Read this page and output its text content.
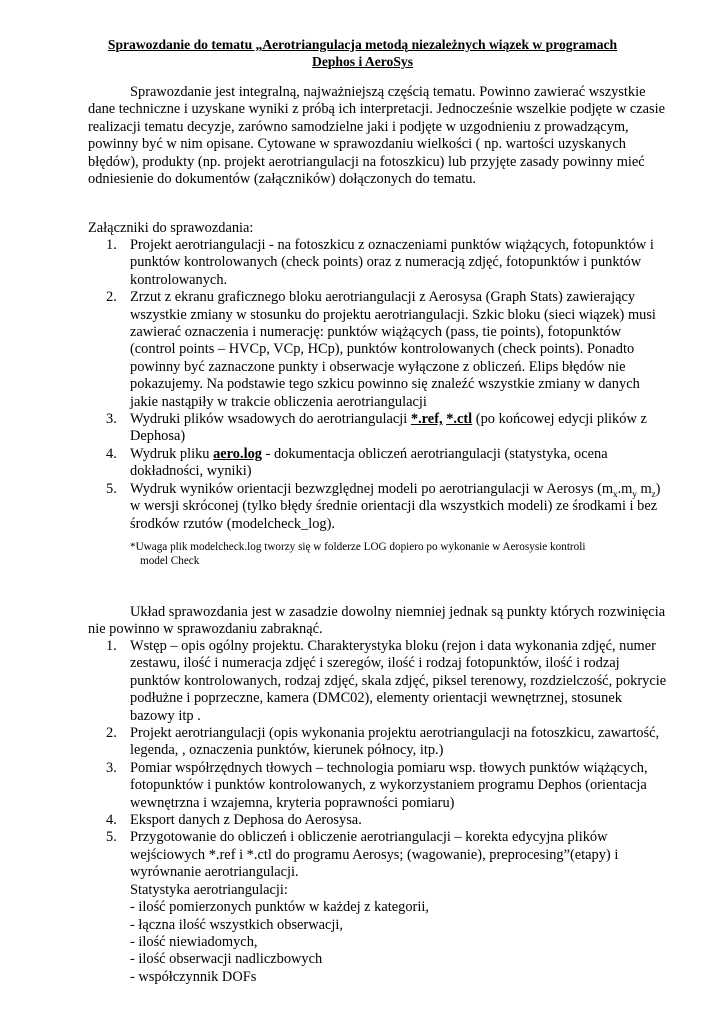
Sprawozdanie do tematu „Aerotriangulacja metodą niezależnych wiązek w programach
Dephos i AeroSys
Sprawozdanie jest integralną, najważniejszą częścią tematu. Powinno zawierać wszystkie dane techniczne i uzyskane wyniki z próbą ich interpretacji. Jednocześnie wszelkie podjęte w czasie realizacji tematu decyzje, zarówno samodzielne jaki i podjęte w uzgodnieniu z prowadzącym, powinny być w nim opisane. Cytowane w sprawozdaniu wielkości ( np. wartości uzyskanych błędów), produkty (np. projekt aerotriangulacji na fotoszkicu) lub przyjęte zasady powinny mieć odniesienie do dokumentów (załączników) dołączonych do tematu.
Załączniki do sprawozdania:
1. Projekt aerotriangulacji - na fotoszkicu z oznaczeniami punktów wiążących, fotopunktów i punktów kontrolowanych (check points) oraz z numeracją zdjęć, fotopunktów i punktów kontrolowanych.
2. Zrzut z ekranu graficznego bloku aerotriangulacji z Aerosysa (Graph Stats) zawierający wszystkie zmiany w stosunku do projektu aerotriangulacji. Szkic bloku (sieci wiązek) musi zawierać oznaczenia i numerację: punktów wiążących (pass, tie points), fotopunktów (control points – HVCp, VCp, HCp), punktów kontrolowanych (check points). Ponadto powinny być zaznaczone punkty i obserwacje wyłączone z obliczeń. Elips błędów nie pokazujemy. Na podstawie tego szkicu powinno się znaleźć wszystkie zmiany w danych jakie nastąpiły w trakcie obliczenia aerotriangulacji
3. Wydruki plików wsadowych do aerotriangulacji *.ref, *.ctl (po końcowej edycji plików z Dephosa)
4. Wydruk pliku aero.log - dokumentacja obliczeń aerotriangulacji (statystyka, ocena dokładności, wyniki)
5. Wydruk wyników orientacji bezwzględnej modeli po aerotriangulacji w Aerosys ($m_x.m_y$ $m_z$) w wersji skróconej (tylko błędy średnie orientacji dla wszystkich modeli) ze środkami i bez środków rzutów (modelcheck_log).
*Uwaga plik modelcheck.log tworzy się w folderze LOG dopiero po wykonanie w Aerosysie kontroli
model Check
Układ sprawozdania jest w zasadzie dowolny niemniej jednak są punkty których rozwinięcia nie powinno w sprawozdaniu zabraknąć.
1. Wstęp – opis ogólny projektu. Charakterystyka bloku (rejon i data wykonania zdjęć, numer zestawu, ilość i numeracja zdjęć i szeregów, ilość i rodzaj fotopunktów, ilość i rodzaj punktów kontrolowanych, rodzaj zdjęć, skala zdjęć, piksel terenowy, rozdzielczość, pokrycie podłużne i poprzeczne, kamera (DMC02), elementy orientacji wewnętrznej, stosunek bazowy itp .
2. Projekt aerotriangulacji (opis wykonania projektu aerotriangulacji na fotoszkicu, zawartość, legenda, , oznaczenia punktów, kierunek północy, itp.)
3. Pomiar współrzędnych tłowych – technologia pomiaru wsp. tłowych punktów wiążących, fotopunktów i punktów kontrolowanych, z wykorzystaniem programu Dephos (orientacja wewnętrzna i wzajemna, kryteria poprawności pomiaru)
4. Eksport danych z Dephosa do Aerosysa.
5. Przygotowanie do obliczeń i obliczenie aerotriangulacji – korekta edycyjna plików wejściowych *.ref i *.ctl do programu Aerosys; (wagowanie), preprocesing”(etapy) i wyrównanie aerotriangulacji.
Statystyka aerotriangulacji:
- ilość pomierzonych punktów w każdej z kategorii,
- łączna ilość wszystkich obserwacji,
- ilość niewiadomych,
- ilość obserwacji nadliczbowych
- współczynnik DOFs
